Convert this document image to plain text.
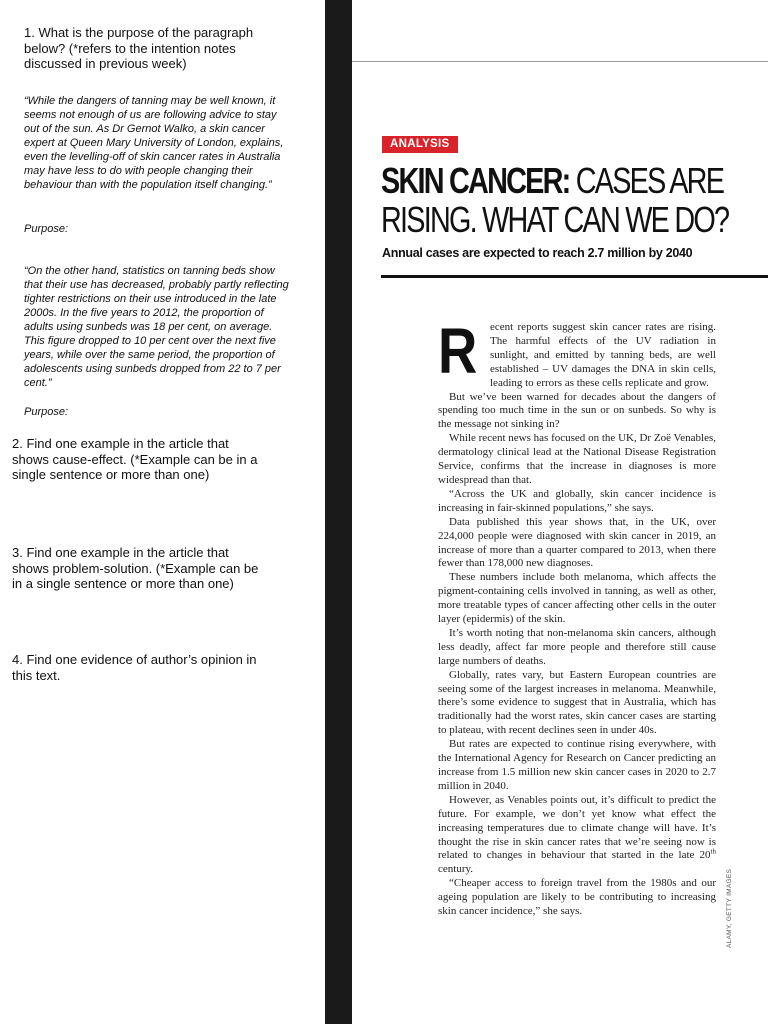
1. What is the purpose of the paragraph below? (*refers to the intention notes discussed in previous week)

“While the dangers of tanning may be well known, it seems not enough of us are following advice to stay out of the sun. As Dr Gernot Walko, a skin cancer expert at Queen Mary University of London, explains, even the levelling-off of skin cancer rates in Australia may have less to do with people changing their behaviour than with the population itself changing.”

Purpose:

“On the other hand, statistics on tanning beds show that their use has decreased, probably partly reflecting tighter restrictions on their use introduced in the late 2000s. In the five years to 2012, the proportion of adults using sunbeds was 18 per cent, on average. This figure dropped to 10 per cent over the next five years, while over the same period, the proportion of adolescents using sunbeds dropped from 22 to 7 per cent.”

Purpose:

2. Find one example in the article that shows cause-effect. (*Example can be in a single sentence or more than one)

3. Find one example in the article that shows problem-solution. (*Example can be in a single sentence or more than one)

4. Find one evidence of author’s opinion in this text.

ANALYSIS
SKIN CANCER: CASES ARE
RISING. WHAT CAN WE DO?

Annual cases are expected to reach 2.7 million by 2040

R ecent reports suggest skin cancer rates are rising. The harmful effects of the UV radiation in sunlight, and emitted by tanning beds, are well established – UV damages the DNA in skin cells, leading to errors as these cells replicate and grow.

But we’ve been warned for decades about the dangers of spending too much time in the sun or on sunbeds. So why is the message not sinking in?

While recent news has focused on the UK, Dr Zoë Venables, dermatology clinical lead at the National Disease Registration Service, confirms that the increase in diagnoses is more widespread than that.

“Across the UK and globally, skin cancer incidence is increasing in fair-skinned populations,” she says.

Data published this year shows that, in the UK, over 224,000 people were diagnosed with skin cancer in 2019, an increase of more than a quarter compared to 2013, when there fewer than 178,000 new diagnoses.

These numbers include both melanoma, which affects the pigment-containing cells involved in tanning, as well as other, more treatable types of cancer affecting other cells in the outer layer (epidermis) of the skin.

It’s worth noting that non-melanoma skin cancers, although less deadly, affect far more people and therefore still cause large numbers of deaths.

Globally, rates vary, but Eastern European countries are seeing some of the largest increases in melanoma. Meanwhile, there’s some evidence to suggest that in Australia, which has traditionally had the worst rates, skin cancer cases are starting to plateau, with recent declines seen in under 40s.

But rates are expected to continue rising everywhere, with the International Agency for Research on Cancer predicting an increase from 1.5 million new skin cancer cases in 2020 to 2.7 million in 2040.

However, as Venables points out, it’s difficult to predict the future. For example, we don’t yet know what effect the increasing temperatures due to climate change will have. It’s thought the rise in skin cancer rates that we’re seeing now is related to changes in behaviour that started in the late 20th century.

“Cheaper access to foreign travel from the 1980s and our ageing population are likely to be contributing to increasing skin cancer incidence,” she says.	ALAMY, GETTY IMAGES
